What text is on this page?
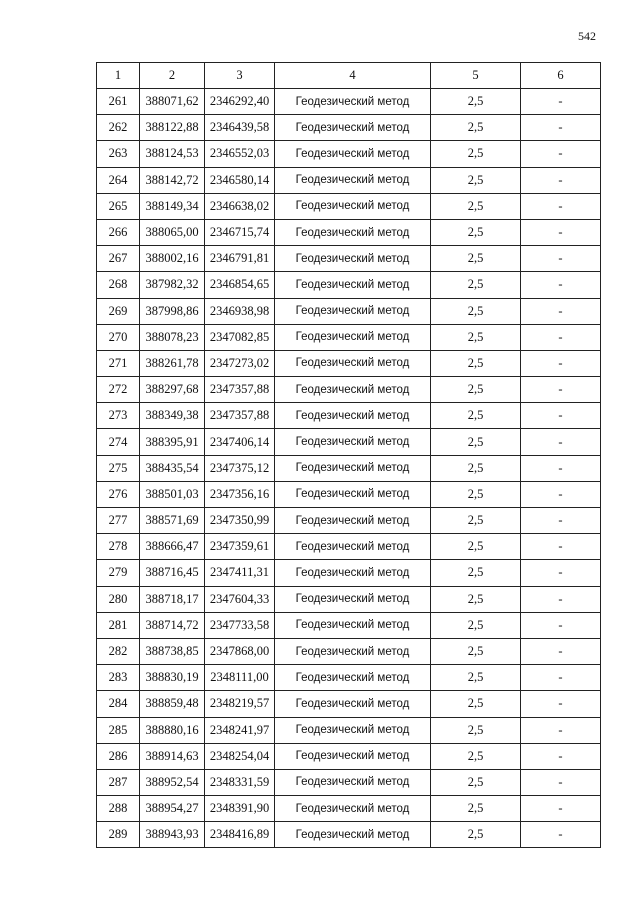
542
1	2	3	4	5	6
261	388071,62	2346292,40	Геодезический метод	2,5	-
262	388122,88	2346439,58	Геодезический метод	2,5	-
263	388124,53	2346552,03	Геодезический метод	2,5	-
264	388142,72	2346580,14	Геодезический метод	2,5	-
265	388149,34	2346638,02	Геодезический метод	2,5	-
266	388065,00	2346715,74	Геодезический метод	2,5	-
267	388002,16	2346791,81	Геодезический метод	2,5	-
268	387982,32	2346854,65	Геодезический метод	2,5	-
269	387998,86	2346938,98	Геодезический метод	2,5	-
270	388078,23	2347082,85	Геодезический метод	2,5	-
271	388261,78	2347273,02	Геодезический метод	2,5	-
272	388297,68	2347357,88	Геодезический метод	2,5	-
273	388349,38	2347357,88	Геодезический метод	2,5	-
274	388395,91	2347406,14	Геодезический метод	2,5	-
275	388435,54	2347375,12	Геодезический метод	2,5	-
276	388501,03	2347356,16	Геодезический метод	2,5	-
277	388571,69	2347350,99	Геодезический метод	2,5	-
278	388666,47	2347359,61	Геодезический метод	2,5	-
279	388716,45	2347411,31	Геодезический метод	2,5	-
280	388718,17	2347604,33	Геодезический метод	2,5	-
281	388714,72	2347733,58	Геодезический метод	2,5	-
282	388738,85	2347868,00	Геодезический метод	2,5	-
283	388830,19	2348111,00	Геодезический метод	2,5	-
284	388859,48	2348219,57	Геодезический метод	2,5	-
285	388880,16	2348241,97	Геодезический метод	2,5	-
286	388914,63	2348254,04	Геодезический метод	2,5	-
287	388952,54	2348331,59	Геодезический метод	2,5	-
288	388954,27	2348391,90	Геодезический метод	2,5	-
289	388943,93	2348416,89	Геодезический метод	2,5	-
